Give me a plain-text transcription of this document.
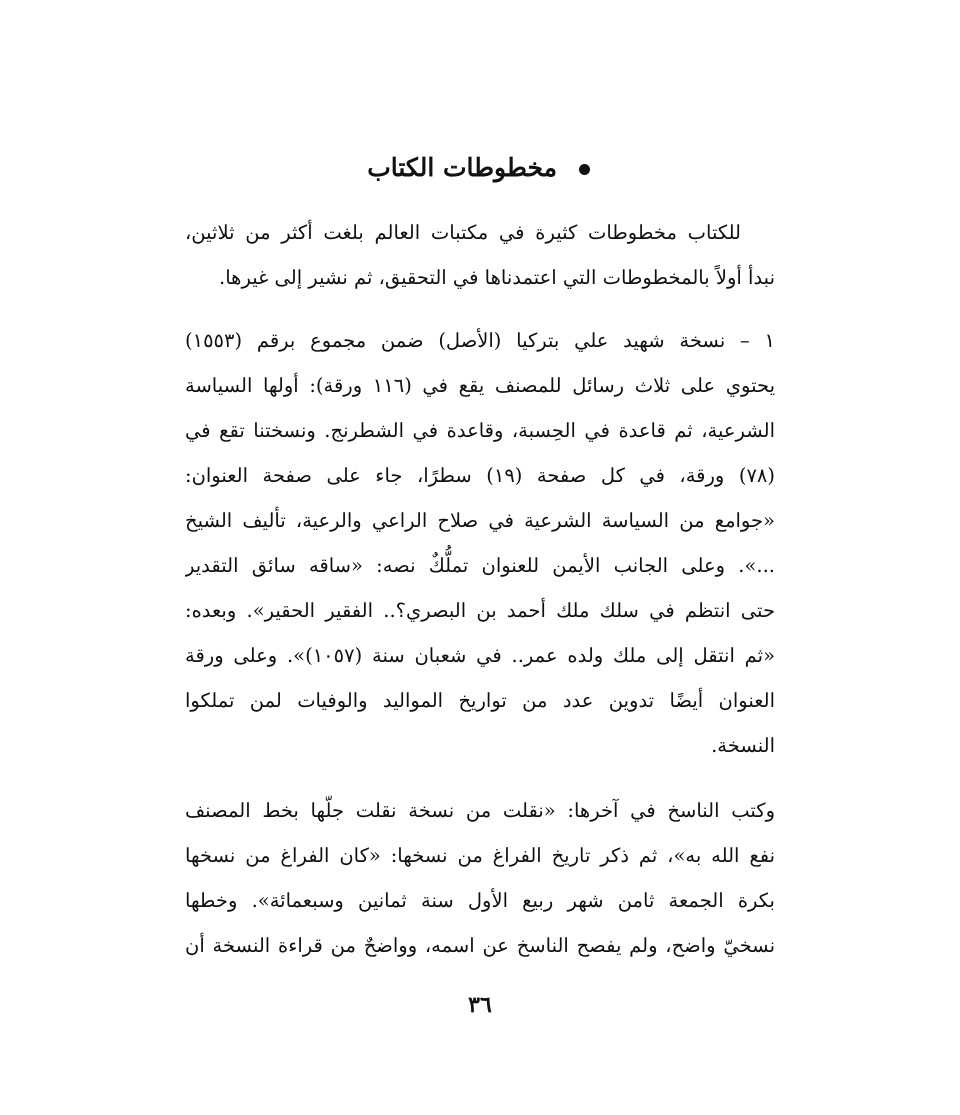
مخطوطات الكتاب
للكتاب مخطوطات كثيرة في مكتبات العالم بلغت أكثر من ثلاثين،
نبدأ أولاً بالمخطوطات التي اعتمدناها في التحقيق، ثم نشير إلى غيرها.
١ – نسخة شهيد علي بتركيا (الأصل) ضمن مجموع برقم (١٥٥٣)
يحتوي على ثلاث رسائل للمصنف يقع في (١١٦ ورقة): أولها السياسة
الشرعية، ثم قاعدة في الحِسبة، وقاعدة في الشطرنج. ونسختنا تقع في
(٧٨) ورقة، في كل صفحة (١٩) سطرًا، جاء على صفحة العنوان:
«جوامع من السياسة الشرعية في صلاح الراعي والرعية، تأليف الشيخ
...». وعلى الجانب الأيمن للعنوان تملُّكٌ نصه: «ساقه سائق التقدير
حتى انتظم في سلك ملك أحمد بن البصري؟.. الفقير الحقير». وبعده:
«ثم انتقل إلى ملك ولده عمر.. في شعبان سنة (١٠٥٧)». وعلى ورقة
العنوان أيضًا تدوين عدد من تواريخ المواليد والوفيات لمن تملكوا
النسخة.
وكتب الناسخ في آخرها: «نقلت من نسخة نقلت جلّها بخط المصنف
نفع الله به»، ثم ذكر تاريخ الفراغ من نسخها: «كان الفراغ من نسخها
بكرة الجمعة ثامن شهر ربيع الأول سنة ثمانين وسبعمائة». وخطها
نسخيّ واضح، ولم يفصح الناسخ عن اسمه، وواضحٌ من قراءة النسخة أن
٣٦
